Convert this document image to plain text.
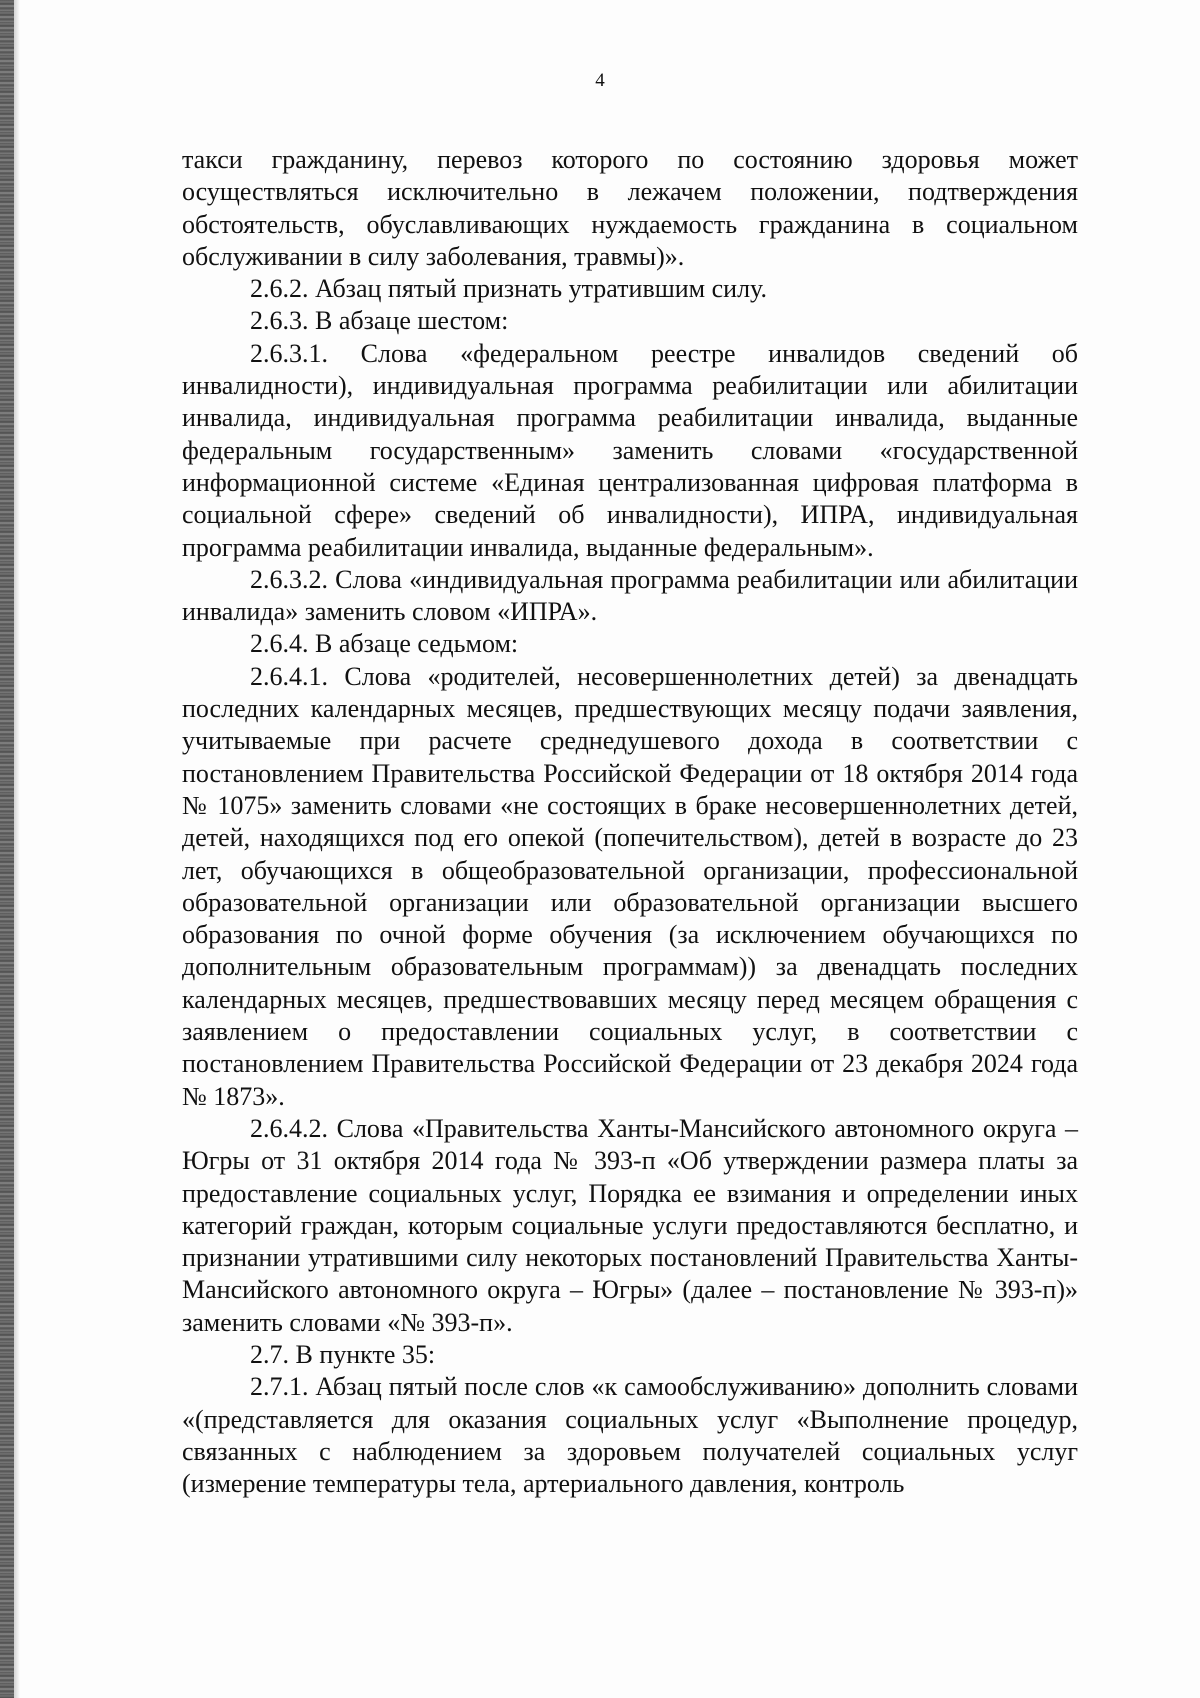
4

такси гражданину, перевоз которого по состоянию здоровья может осуществляться исключительно в лежачем положении, подтверждения обстоятельств, обуславливающих нуждаемость гражданина в социальном обслуживании в силу заболевания, травмы)».

2.6.2. Абзац пятый признать утратившим силу.

2.6.3. В абзаце шестом:

2.6.3.1. Слова «федеральном реестре инвалидов сведений об инвалидности), индивидуальная программа реабилитации или абилитации инвалида, индивидуальная программа реабилитации инвалида, выданные федеральным государственным» заменить словами «государственной информационной системе «Единая централизованная цифровая платформа в социальной сфере» сведений об инвалидности), ИПРА, индивидуальная программа реабилитации инвалида, выданные федеральным».

2.6.3.2. Слова «индивидуальная программа реабилитации или абилитации инвалида» заменить словом «ИПРА».

2.6.4. В абзаце седьмом:

2.6.4.1. Слова «родителей, несовершеннолетних детей) за двенадцать последних календарных месяцев, предшествующих месяцу подачи заявления, учитываемые при расчете среднедушевого дохода в соответствии с постановлением Правительства Российской Федерации от 18 октября 2014 года № 1075» заменить словами «не состоящих в браке несовершеннолетних детей, детей, находящихся под его опекой (попечительством), детей в возрасте до 23 лет, обучающихся в общеобразовательной организации, профессиональной образовательной организации или образовательной организации высшего образования по очной форме обучения (за исключением обучающихся по дополнительным образовательным программам)) за двенадцать последних календарных месяцев, предшествовавших месяцу перед месяцем обращения с заявлением о предоставлении социальных услуг, в соответствии с постановлением Правительства Российской Федерации от 23 декабря 2024 года № 1873».

2.6.4.2. Слова «Правительства Ханты-Мансийского автономного округа – Югры от 31 октября 2014 года № 393-п «Об утверждении размера платы за предоставление социальных услуг, Порядка ее взимания и определении иных категорий граждан, которым социальные услуги предоставляются бесплатно, и признании утратившими силу некоторых постановлений Правительства Ханты-Мансийского автономного округа – Югры» (далее – постановление № 393-п)» заменить словами «№ 393-п».

2.7. В пункте 35:

2.7.1. Абзац пятый после слов «к самообслуживанию» дополнить словами «(представляется для оказания социальных услуг «Выполнение процедур, связанных с наблюдением за здоровьем получателей социальных услуг (измерение температуры тела, артериального давления, контроль
